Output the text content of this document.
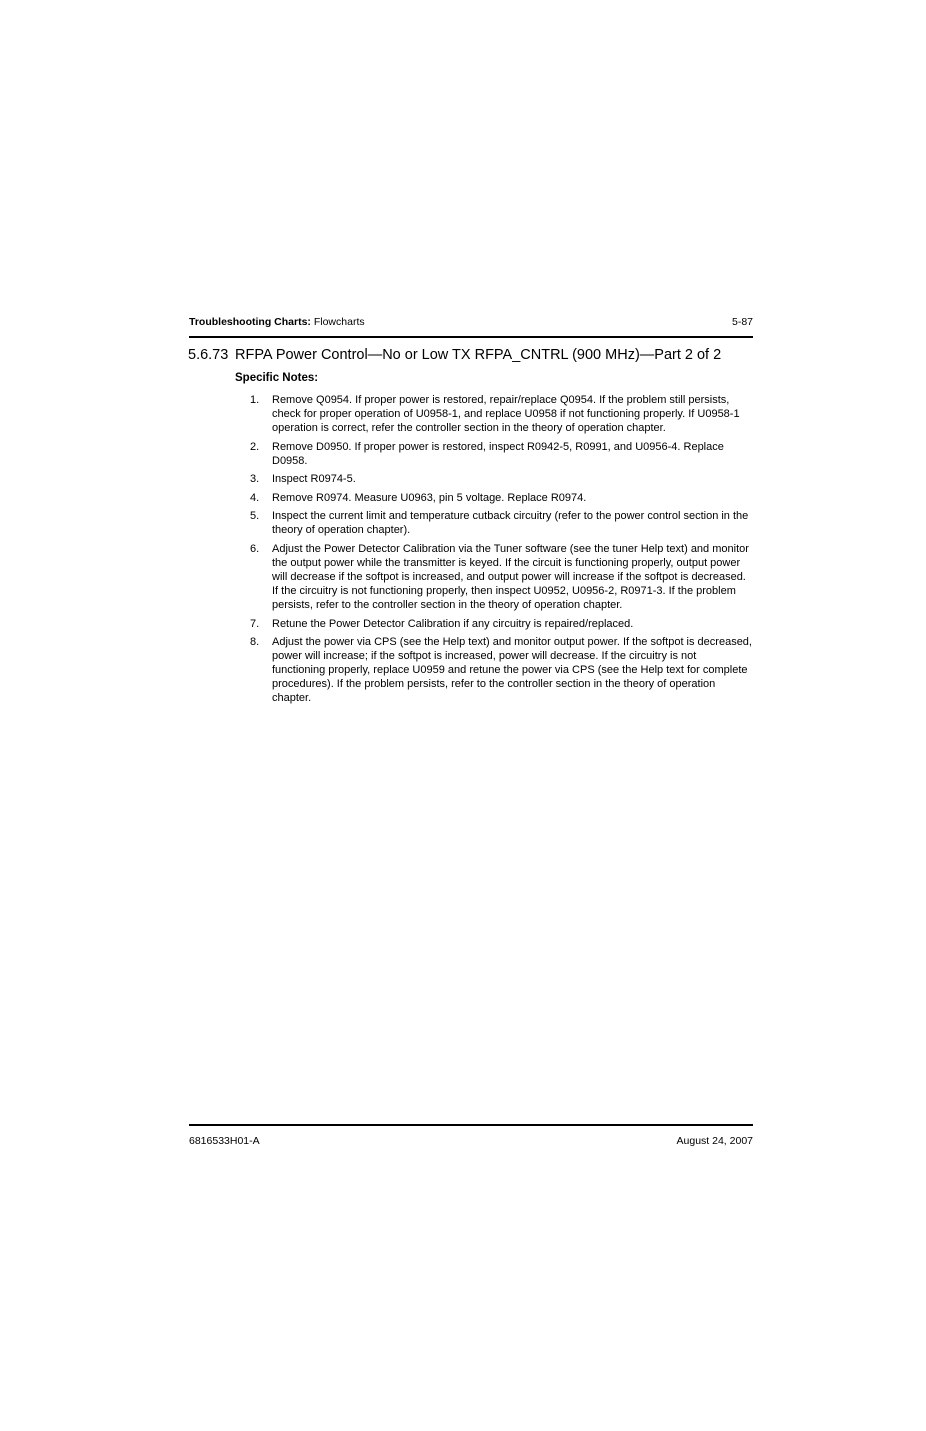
Troubleshooting Charts: Flowcharts	5-87
5.6.73 RFPA Power Control—No or Low TX RFPA_CNTRL (900 MHz)—Part 2 of 2
Specific Notes:
1. Remove Q0954. If proper power is restored, repair/replace Q0954. If the problem still persists, check for proper operation of U0958-1, and replace U0958 if not functioning properly. If U0958-1 operation is correct, refer the controller section in the theory of operation chapter.
2. Remove D0950. If proper power is restored, inspect R0942-5, R0991, and U0956-4. Replace D0958.
3. Inspect R0974-5.
4. Remove R0974. Measure U0963, pin 5 voltage. Replace R0974.
5. Inspect the current limit and temperature cutback circuitry (refer to the power control section in the theory of operation chapter).
6. Adjust the Power Detector Calibration via the Tuner software (see the tuner Help text) and monitor the output power while the transmitter is keyed. If the circuit is functioning properly, output power will decrease if the softpot is increased, and output power will increase if the softpot is decreased. If the circuitry is not functioning properly, then inspect U0952, U0956-2, R0971-3. If the problem persists, refer to the controller section in the theory of operation chapter.
7. Retune the Power Detector Calibration if any circuitry is repaired/replaced.
8. Adjust the power via CPS (see the Help text) and monitor output power. If the softpot is decreased, power will increase; if the softpot is increased, power will decrease. If the circuitry is not functioning properly, replace U0959 and retune the power via CPS (see the Help text for complete procedures). If the problem persists, refer to the controller section in the theory of operation chapter.
6816533H01-A	August 24, 2007
